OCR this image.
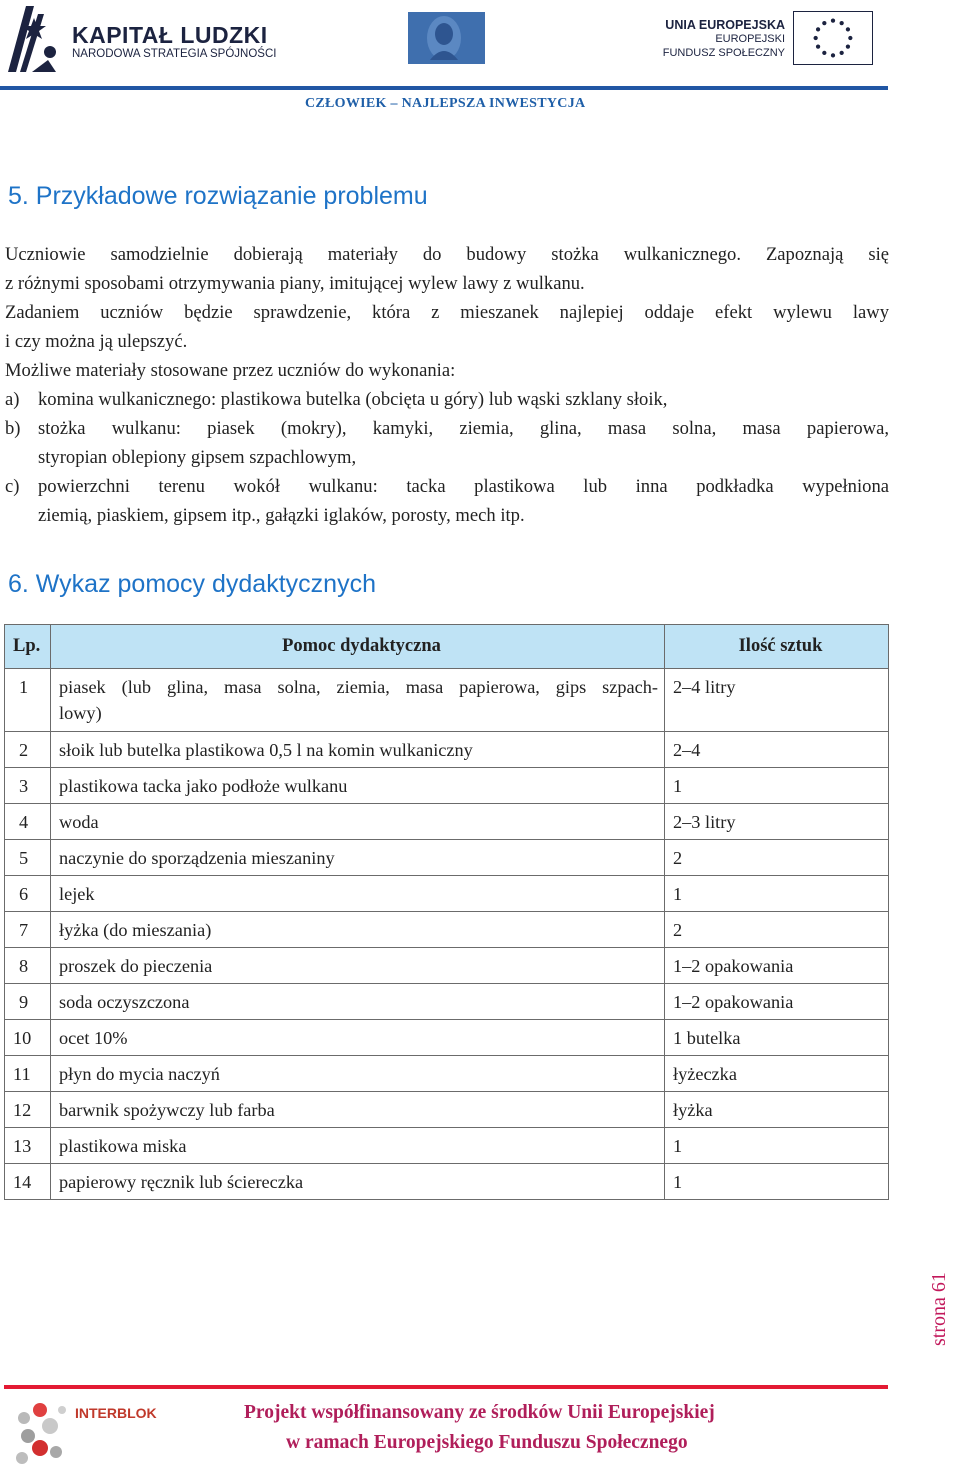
KAPITAŁ LUDZKI
NARODOWA STRATEGIA SPÓJNOŚCI
UNIA EUROPEJSKA
EUROPEJSKI
FUNDUSZ SPOŁECZNY
CZŁOWIEK – NAJLEPSZA INWESTYCJA
5. Przykładowe rozwiązanie problemu
Uczniowie samodzielnie dobierają materiały do budowy stożka wulkanicznego. Zapoznają się
z różnymi sposobami otrzymywania piany, imitującej wylew lawy z wulkanu.
Zadaniem uczniów będzie sprawdzenie, która z mieszanek najlepiej oddaje efekt wylewu lawy
i czy można ją ulepszyć.
Możliwe materiały stosowane przez uczniów do wykonania:
a) komina wulkanicznego: plastikowa butelka (obcięta u góry) lub wąski szklany słoik,
b) stożka wulkanu: piasek (mokry), kamyki, ziemia, glina, masa solna, masa papierowa,
styropian oblepiony gipsem szpachlowym,
c) powierzchni terenu wokół wulkanu: tacka plastikowa lub inna podkładka wypełniona
ziemią, piaskiem, gipsem itp., gałązki iglaków, porosty, mech itp.
6. Wykaz pomocy dydaktycznych
Lp.	Pomoc dydaktyczna	Ilość sztuk
1	piasek (lub glina, masa solna, ziemia, masa papierowa, gips szpach-
lowy)	2–4 litry
2	słoik lub butelka plastikowa 0,5 l na komin wulkaniczny	2–4
3	plastikowa tacka jako podłoże wulkanu	1
4	woda	2–3 litry
5	naczynie do sporządzenia mieszaniny	2
6	lejek	1
7	łyżka (do mieszania)	2
8	proszek do pieczenia	1–2 opakowania
9	soda oczyszczona	1–2 opakowania
10	ocet 10%	1 butelka
11	płyn do mycia naczyń	łyżeczka
12	barwnik spożywczy lub farba	łyżka
13	plastikowa miska	1
14	papierowy ręcznik lub ściereczka	1
strona 61
INTERBLOK	Projekt współfinansowany ze środków Unii Europejskiej
w ramach Europejskiego Funduszu Społecznego
